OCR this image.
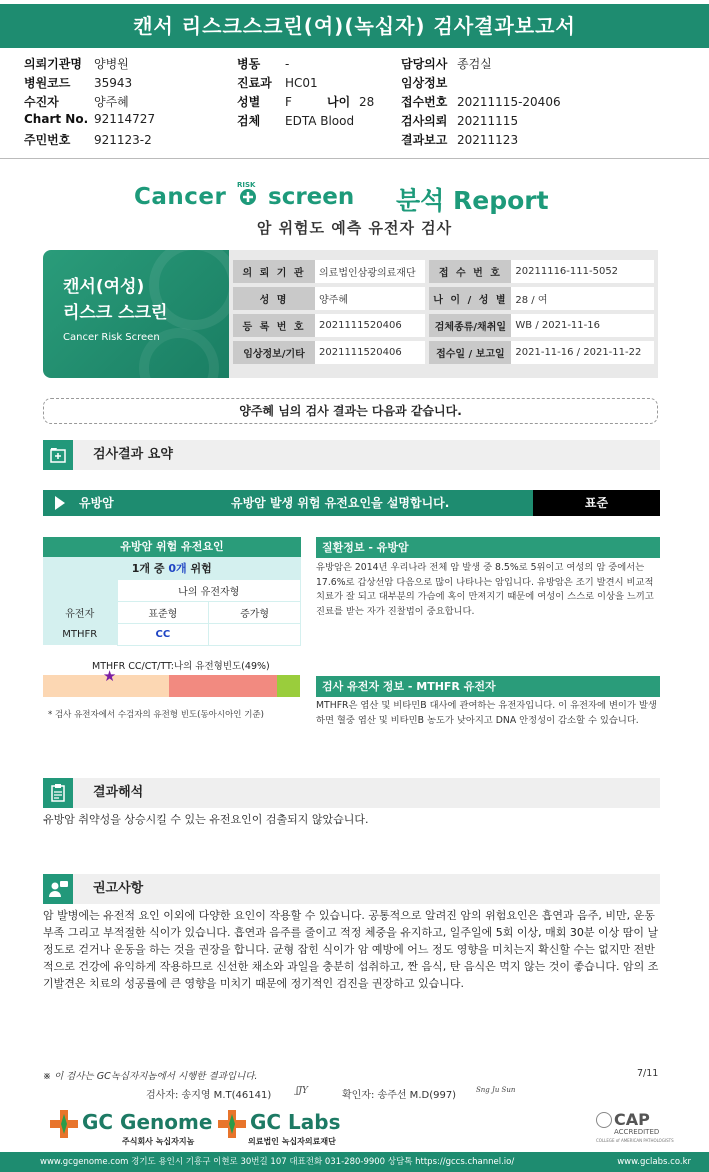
캔서 리스크스크린(여)(녹십자) 검사결과보고서
의뢰기관명 양병원
병원코드 35943
수진자	양주혜
Chart No. 92114727
주민번호 921123-2
병동 -
진료과 HC01
성별 F	나이 28
검체 EDTA Blood
담당의사 종검실
임상정보
접수번호 20211115-20406
검사의뢰 20211115
결과보고 20211123
Cancer RISK screen 분석 Report
암 위험도 예측 유전자 검사
캔서(여성)
리스크 스크린
Cancer Risk Screen
의 뢰 기 관	의료법인삼광의료재단		접 수 번 호	20211116-111-5052
성 명	양주혜		나 이 / 성 별	28 / 여
등 록 번 호	2021111520406		검체종류/채취일	WB / 2021-11-16
임상정보/기타	2021111520406		접수일 / 보고일	2021-11-16 / 2021-11-22
양주혜 님의 검사 결과는 다음과 같습니다.
검사결과 요약
유방암	유방암 발생 위험 유전요인을 설명합니다.	표준
유방암 위험 유전요인
1개 중 0개 위험		
	나의 유전자형	
유전자	표준형	증가형
MTHFR	CC	
MTHFR CC/CT/TT:나의 유전형빈도(49%)
★
* 검사 유전자에서 수검자의 유전형 빈도(동아시아인 기준)
질환정보 - 유방암
유방암은 2014년 우리나라 전체 암 발생 중 8.5%로 5위이고 여성의 암 중에서는 17.6%로 갑상선암 다음으로 많이 나타나는 암입니다. 유방암은 조기 발견시 비교적 치료가 잘 되고 대부분의 가슴에 혹이 만져지기 때문에 여성이 스스로 이상을 느끼고 진료를 받는 자가 진찰법이 중요합니다.
검사 유전자 정보 - MTHFR 유전자
MTHFR은 엽산 및 비타민B 대사에 관여하는 유전자입니다. 이 유전자에 변이가 발생하면 혈중 엽산 및 비타민B 농도가 낮아지고 DNA 안정성이 감소할 수 있습니다.
결과해석
유방암 취약성을 상승시킬 수 있는 유전요인이 검출되지 않았습니다.
권고사항
암 발병에는 유전적 요인 이외에 다양한 요인이 작용할 수 있습니다. 공통적으로 알려진 암의 위험요인은 흡연과 음주, 비만, 운동 부족 그리고 부적절한 식이가 있습니다. 흡연과 음주를 줄이고 적정 체중을 유지하고, 일주일에 5회 이상, 매회 30분 이상 땀이 날 정도로 걷거나 운동을 하는 것을 권장을 합니다. 균형 잡힌 식이가 암 예방에 어느 정도 영향을 미치는지 확신할 수는 없지만 전반적으로 건강에 유익하게 작용하므로 신선한 채소와 과일을 충분히 섭취하고, 짠 음식, 탄 음식은 먹지 않는 것이 좋습니다. 암의 조기발견은 치료의 성공률에 큰 영향을 미치기 때문에 정기적인 검진을 권장하고 있습니다.
※ 이 검사는 GC녹십자지놈에서 시행한 결과입니다.	7/11
검사자: 송지영 M.T(46141)	ʃJY	확인자: 송주선 M.D(997)	Sng Ju Sun
GC Genome
주식회사 녹십자지놈
GC Labs
의료법인 녹십자의료재단
CAP
ACCREDITED
COLLEGE of AMERICAN PATHOLOGISTS
www.gcgenome.com 경기도 용인시 기흥구 이현로 30번길 107 대표전화 031-280-9900 상담톡 https://gccs.channel.io/	www.gclabs.co.kr
